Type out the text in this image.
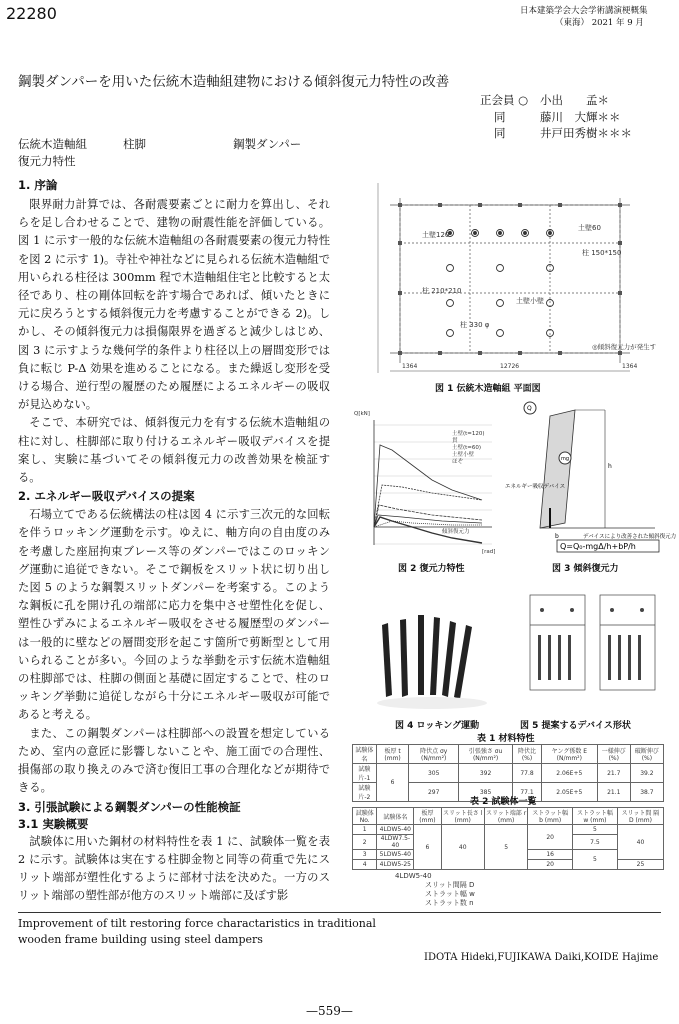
22280	日本建築学会大会学術講演梗概集
（東海） 2021 年 9 月
鋼製ダンパーを用いた伝統木造軸組建物における傾斜復元力特性の改善
正会員 ○ 小出　　孟＊
同	藤川　大輝＊＊
同	井戸田秀樹＊＊＊
伝統木造軸組	柱脚	鋼製ダンパー
復元力特性
1. 序論

限界耐力計算では、各耐震要素ごとに耐力を算出し、それらを足し合わせることで、建物の耐震性能を評価している。図 1 に示す一般的な伝統木造軸組の各耐震要素の復元力特性を図 2 に示す 1)。寺社や神社などに見られる伝統木造軸組で用いられる柱径は 300mm 程で木造軸組住宅と比較すると太径であり、柱の剛体回転を許す場合であれば、傾いたときに元に戻ろうとする傾斜復元力を考慮することができる 2)。しかし、その傾斜復元力は損傷限界を過ぎると減少しはじめ、図 3 に示すような幾何学的条件より柱径以上の層間変形では負に転じ P-Δ 効果を進めることになる。また繰返し変形を受ける場合、逆行型の履歴のため履歴によるエネルギーの吸収が見込めない。

そこで、本研究では、傾斜復元力を有する伝統木造軸組の柱に対し、柱脚部に取り付けるエネルギー吸収デバイスを提案し、実験に基づいてその傾斜復元力の改善効果を検証する。

2. エネルギー吸収デバイスの提案

石場立てである伝統構法の柱は図 4 に示す三次元的な回転を伴うロッキング運動を示す。ゆえに、軸方向の自由度のみを考慮した座屈拘束ブレース等のダンパーではこのロッキング運動に追従できない。そこで鋼板をスリット状に切り出した図 5 のような鋼製スリットダンパーを考案する。このような鋼板に孔を開け孔の端部に応力を集中させ塑性化を促し、塑性ひずみによるエネルギー吸収をさせる履歴型のダンパーは一般的に壁などの層間変形を起こす箇所で剪断型として用いられることが多い。今回のような挙動を示す伝統木造軸組の柱脚部では、柱脚の側面と基礎に固定することで、柱のロッキング挙動に追従しながら十分にエネルギー吸収が可能であると考える。

また、この鋼製ダンパーは柱脚部への設置を想定しているため、室内の意匠に影響しないことや、施工面での合理性、損傷部の取り換えのみで済む復旧工事の合理化などが期待できる。

3. 引張試験による鋼製ダンパーの性能検証
3.1 実験概要

試験体に用いた鋼材の材料特性を表 1 に、試験体一覧を表 2 に示す。試験体は実在する柱脚金物と同等の荷重で先にスリット端部が塑性化するように部材寸法を決めた。一方のスリット端部の塑性部が他方のスリット端部に及ぼす影

土壁60
土壁120
柱 150*150
柱 210*210
土壁小壁
柱 330 φ
◎傾斜復元力が発生す
1364	12726	1364
図 1 伝統木造軸組 平面図
Q[kN]
[rad]
土壁(t=120)
貫
土壁(t=60)
土壁小壁
ほぞ
傾斜復元力
図 2 復元力特性
mg
Q
h
b
エネルギー吸収デバイス
デバイスにより改善された傾斜復元力
Q=Q₀-mgΔ/h+bP/h
図 3 傾斜復元力
図 4 ロッキング運動	図 5 提案するデバイス形状
表 1 材料特性
試験体名	板厚 t (mm)	降伏点 σy (N/mm²)	引張強さ σu (N/mm²)	降伏比 (%)	ヤング係数 E (N/mm²)	一様伸び (%)	破断伸び (%)
試験片-1	6	305	392	77.8	2.06E+5	21.7	39.2
試験片-2		297	385	77.1	2.05E+5	21.1	38.7
表 2 試験体一覧
試験体 No.	試験体名	板厚 (mm)	スリット長さ l (mm)	スリット端部 r (mm)	ストラット幅 b (mm)	ストラット幅 w (mm)	スリット間 隔 D (mm)
1	4LDW5-40	6	40	5	20	5	40
2	4LDW7.5-40					7.5	
3	5LDW5-40				16	5	
4	4LDW5-25				20		25
4LDW5-40
スリット間隔 D
ストラット幅 w
ストラット数 n
Improvement of tilt restoring force charactaristics in traditional
wooden frame building using steel dampers
IDOTA Hideki,FUJIKAWA Daiki,KOIDE Hajime
—559—
